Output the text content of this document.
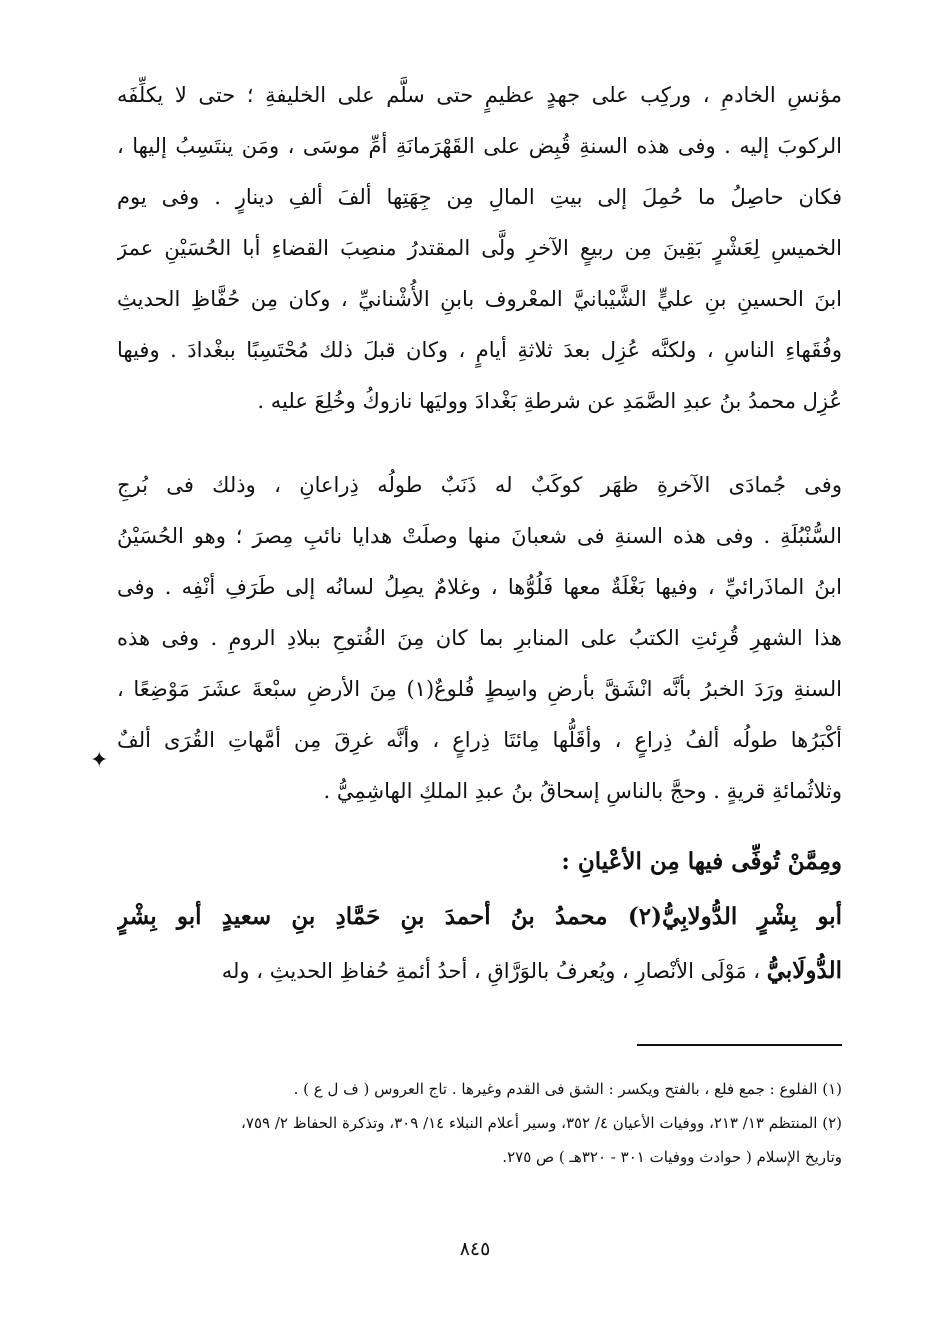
مؤنسِ الخادمِ ، وركِب على جهدٍ عظيمٍ حتى سلَّم على الخليفةِ ؛ حتى لا يكلِّفَه
الركوبَ إليه . وفى هذه السنةِ قُبِض على القَهْرَمانَةِ أمِّ موسَى ، ومَن ينتَسِبُ إليها ،
فكان حاصِلُ ما حُمِلَ إلى بيتِ المالِ مِن جِهَتِها ألفَ ألفِ دينارٍ . وفى يوم
الخميسِ لِعَشْرٍ بَقِينَ مِن ربيعٍ الآخرِ ولَّى المقتدرُ منصِبَ القضاءِ أبا الحُسَيْنِ عمرَ
ابنَ الحسينِ بنِ عليٍّ الشَّيْبانيَّ المعْروف بابنِ الأُشْنانيِّ ، وكان مِن حُفَّاظِ الحديثِ
وفُقَهاءِ الناسِ ، ولكنَّه عُزِل بعدَ ثلاثةِ أيامٍ ، وكان قبلَ ذلك مُحْتَسِبًا ببغْدادَ . وفيها
عُزِل محمدُ بنُ عبدِ الصَّمَدِ عن شرطةِ بَغْدادَ ووليَها نازوكُ وخُلِعَ عليه .
وفى جُمادَى الآخرةِ ظهَر كوكَبٌ له ذَنَبٌ طولُه ذِراعانِ ، وذلك فى بُرجِ
السُّنْبُلَةِ . وفى هذه السنةِ فى شعبانَ منها وصلَتْ هدايا نائبِ مِصرَ ؛ وهو الحُسَيْنُ
ابنُ الماذَرائيِّ ، وفيها بَغْلَةٌ معها فَلُوُّها ، وغلامٌ يصِلُ لسانُه إلى طَرَفِ أنْفِه . وفى
هذا الشهرِ قُرِئتِ الكتبُ على المنابرِ بما كان مِنَ الفُتوحِ ببلادِ الرومِ . وفى هذه
السنةِ ورَدَ الخبرُ بأنَّه انْشَقَّ بأرضِ واسِطٍ فُلوعٌ(١) مِنَ الأرضِ سبْعةَ عشَرَ مَوْضِعًا ،
أكْبَرُها طولُه ألفُ ذِراعٍ ، وأقَلُّها مِائتَا ذِراعٍ ، وأنَّه غرِقَ مِن أمَّهاتِ القُرَى ألفٌ
وثلاثُمائةِ قريةٍ . وحجَّ بالناسِ إسحاقُ بنُ عبدِ الملكِ الهاشِمِيُّ .
✦
ومِمَّنْ تُوفِّى فيها مِن الأعْيانِ :
أبو بِشْرٍ الدُّولابِيُّ(٢) محمدُ بنُ أحمدَ بنِ حَمَّادِ بنِ سعيدٍ أبو بِشْرٍ
الدُّولَابيُّ ، مَوْلَى الأنْصارِ ، ويُعرفُ بالوَرَّاقِ ، أحدُ أئمةِ حُفاظِ الحديثِ ، وله
(١) الفلوع : جمع فلع ، بالفتح ويكسر : الشق فى القدم وغيرها . تاج العروس ( ف ل ع ) .
(٢) المنتظم ١٣/ ٢١٣، ووفيات الأعيان ٤/ ٣٥٢، وسير أعلام النبلاء ١٤/ ٣٠٩، وتذكرة الحفاظ ٢/ ٧٥٩،
وتاريخ الإسلام ( حوادث ووفيات ٣٠١ - ٣٢٠هـ ) ص ٢٧٥.
٨٤٥
